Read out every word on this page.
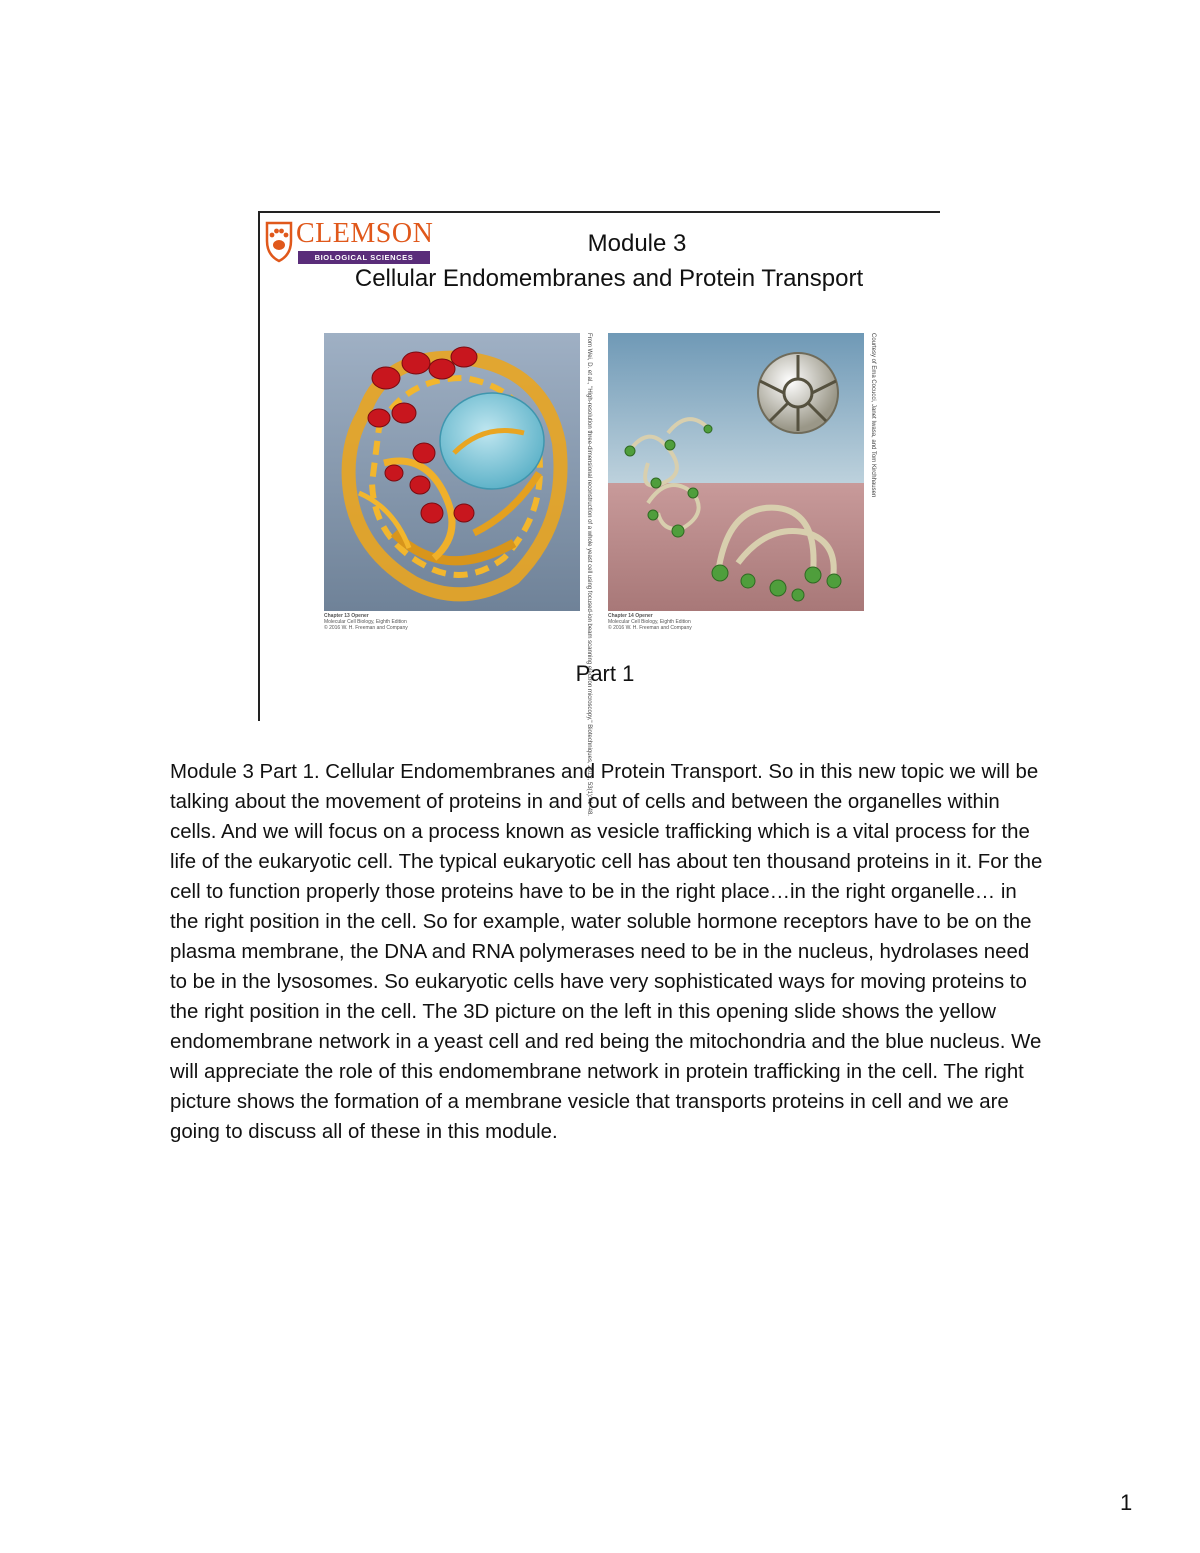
CLEMSON
BIOLOGICAL SCIENCES
Module 3
Cellular Endomembranes and Protein Transport
From Wei, D. et al., "High-resolution three-dimensional reconstruction of a whole yeast cell using focused-ion beam scanning electron microscopy," Biotechniques, 2012, 53(1):41–48.
Chapter 13 Opener
Molecular Cell Biology, Eighth Edition
© 2016 W. H. Freeman and Company
Courtesy of Ema Cocucci, Janet Iwasa, and Tom Kirchhausen
Chapter 14 Opener
Molecular Cell Biology, Eighth Edition
© 2016 W. H. Freeman and Company
Part 1
Module 3 Part 1. Cellular Endomembranes and Protein Transport. So in this new topic we will be talking about the movement of proteins in and out of cells and between the organelles within cells. And we will focus on a process known as vesicle trafficking which is a vital process for the life of the eukaryotic cell. The typical eukaryotic cell has about ten thousand proteins in it. For the cell to function properly those proteins have to be in the right place…in the right organelle… in the right position in the cell. So for example, water soluble hormone receptors have to be on the plasma membrane, the DNA and RNA polymerases need to be in the nucleus, hydrolases need to be in the lysosomes. So eukaryotic cells have very sophisticated ways for moving proteins to the right position in the cell. The 3D picture on the left in this opening slide shows the yellow endomembrane network in a yeast cell and red being the mitochondria and the blue nucleus. We will appreciate the role of this endomembrane network in protein trafficking in the cell. The right picture shows the formation of a membrane vesicle that transports proteins in cell and we are going to discuss all of these in this module.
1
